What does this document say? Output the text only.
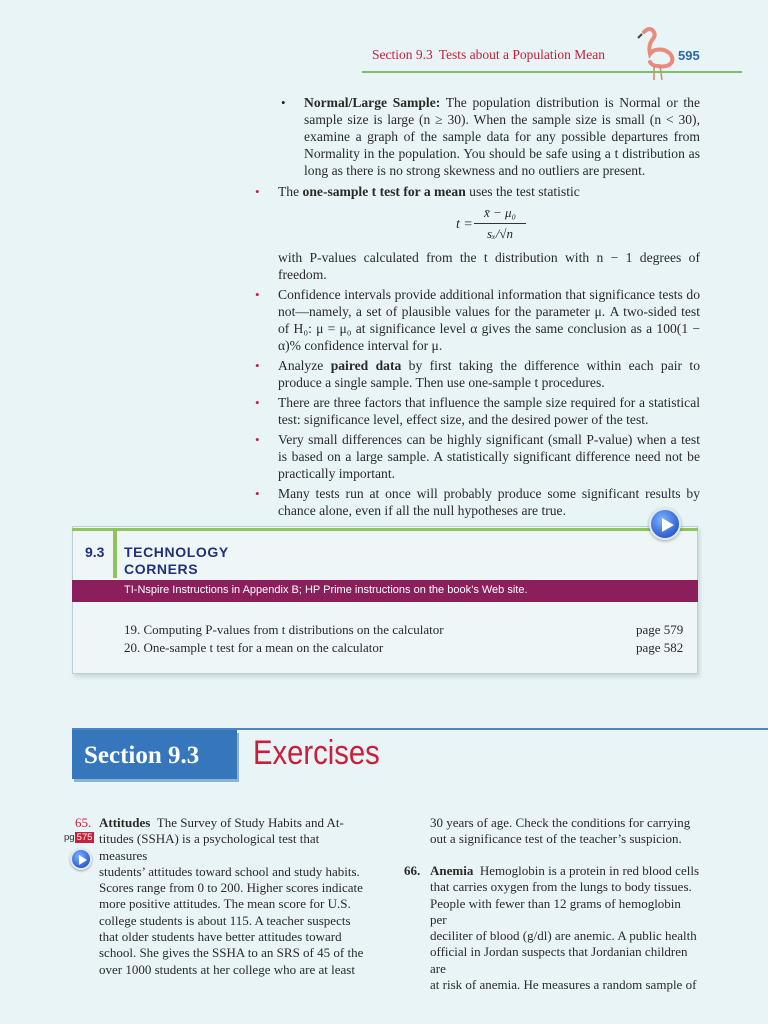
Section 9.3 Tests about a Population Mean	595
• Normal/Large Sample: The population distribution is Normal or the sample size is large (n ≥ 30). When the sample size is small (n < 30), examine a graph of the sample data for any possible departures from Normality in the population. You should be safe using a t distribution as long as there is no strong skewness and no outliers are present.
• The one-sample t test for a mean uses the test statistic
t =
x̄ − μ₀
sₓ/√n
with P-values calculated from the t distribution with n − 1 degrees of freedom.
• Confidence intervals provide additional information that significance tests do not—namely, a set of plausible values for the parameter μ. A two-sided test of H₀: μ = μ₀ at significance level α gives the same conclusion as a 100(1 − α)% confidence interval for μ.
• Analyze paired data by first taking the difference within each pair to produce a single sample. Then use one-sample t procedures.
• There are three factors that influence the sample size required for a statistical test: significance level, effect size, and the desired power of the test.
• Very small differences can be highly significant (small P-value) when a test is based on a large sample. A statistically significant difference need not be practically important.
• Many tests run at once will probably produce some significant results by chance alone, even if all the null hypotheses are true.
9.3 TECHNOLOGY
CORNERS
TI-Nspire Instructions in Appendix B; HP Prime instructions on the book’s Web site.
19. Computing P-values from t distributions on the calculator	page 579
20. One-sample t test for a mean on the calculator	page 582
Section 9.3	Exercises
65.
pg 575
Attitudes The Survey of Study Habits and At-
titudes (SSHA) is a psychological test that measures
students’ attitudes toward school and study habits.
Scores range from 0 to 200. Higher scores indicate
more positive attitudes. The mean score for U.S.
college students is about 115. A teacher suspects
that older students have better attitudes toward
school. She gives the SSHA to an SRS of 45 of the
over 1000 students at her college who are at least
30 years of age. Check the conditions for carrying
out a significance test of the teacher’s suspicion.
66. Anemia Hemoglobin is a protein in red blood cells
that carries oxygen from the lungs to body tissues.
People with fewer than 12 grams of hemoglobin per
deciliter of blood (g/dl) are anemic. A public health
official in Jordan suspects that Jordanian children are
at risk of anemia. He measures a random sample of
